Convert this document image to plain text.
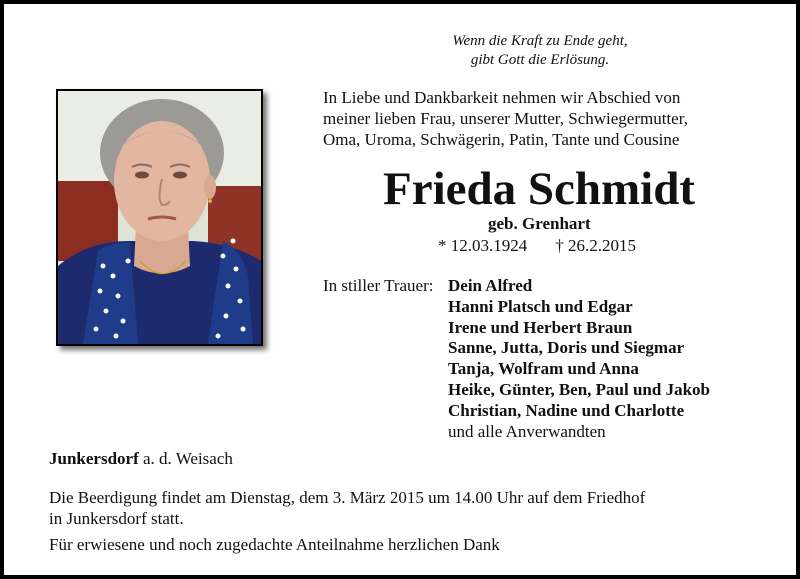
Wenn die Kraft zu Ende geht,
gibt Gott die Erlösung.
In Liebe und Dankbarkeit nehmen wir Abschied von
meiner lieben Frau, unserer Mutter, Schwiegermutter,
Oma, Uroma, Schwägerin, Patin, Tante und Cousine
Frieda Schmidt
geb. Grenhart
* 12.03.1924 † 26.2.2015
In stiller Trauer: Dein Alfred
Hanni Platsch und Edgar
Irene und Herbert Braun
Sanne, Jutta, Doris und Siegmar
Tanja, Wolfram und Anna
Heike, Günter, Ben, Paul und Jakob
Christian, Nadine und Charlotte
und alle Anverwandten
Junkersdorf a. d. Weisach
Die Beerdigung findet am Dienstag, dem 3. März 2015 um 14.00 Uhr auf dem Friedhof
in Junkersdorf statt.
Für erwiesene und noch zugedachte Anteilnahme herzlichen Dank
